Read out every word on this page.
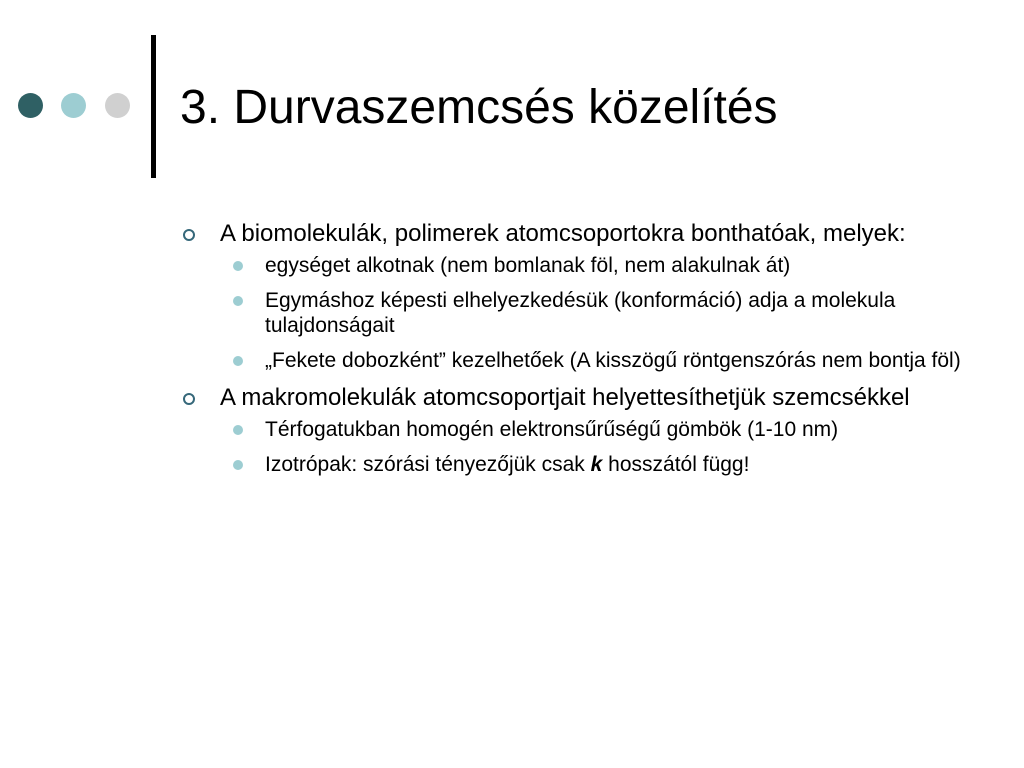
3. Durvaszemcsés közelítés
A biomolekulák, polimerek atomcsoportokra bonthatóak, melyek:
egységet alkotnak (nem bomlanak föl, nem alakulnak át)
Egymáshoz képesti elhelyezkedésük (konformáció) adja a molekula tulajdonságait
„Fekete dobozként” kezelhetőek (A kisszögű röntgenszórás nem bontja föl)
A makromolekulák atomcsoportjait helyettesíthetjük szemcsékkel
Térfogatukban homogén elektronsűrűségű gömbök (1-10 nm)
Izotrópak: szórási tényezőjük csak k hosszától függ!
